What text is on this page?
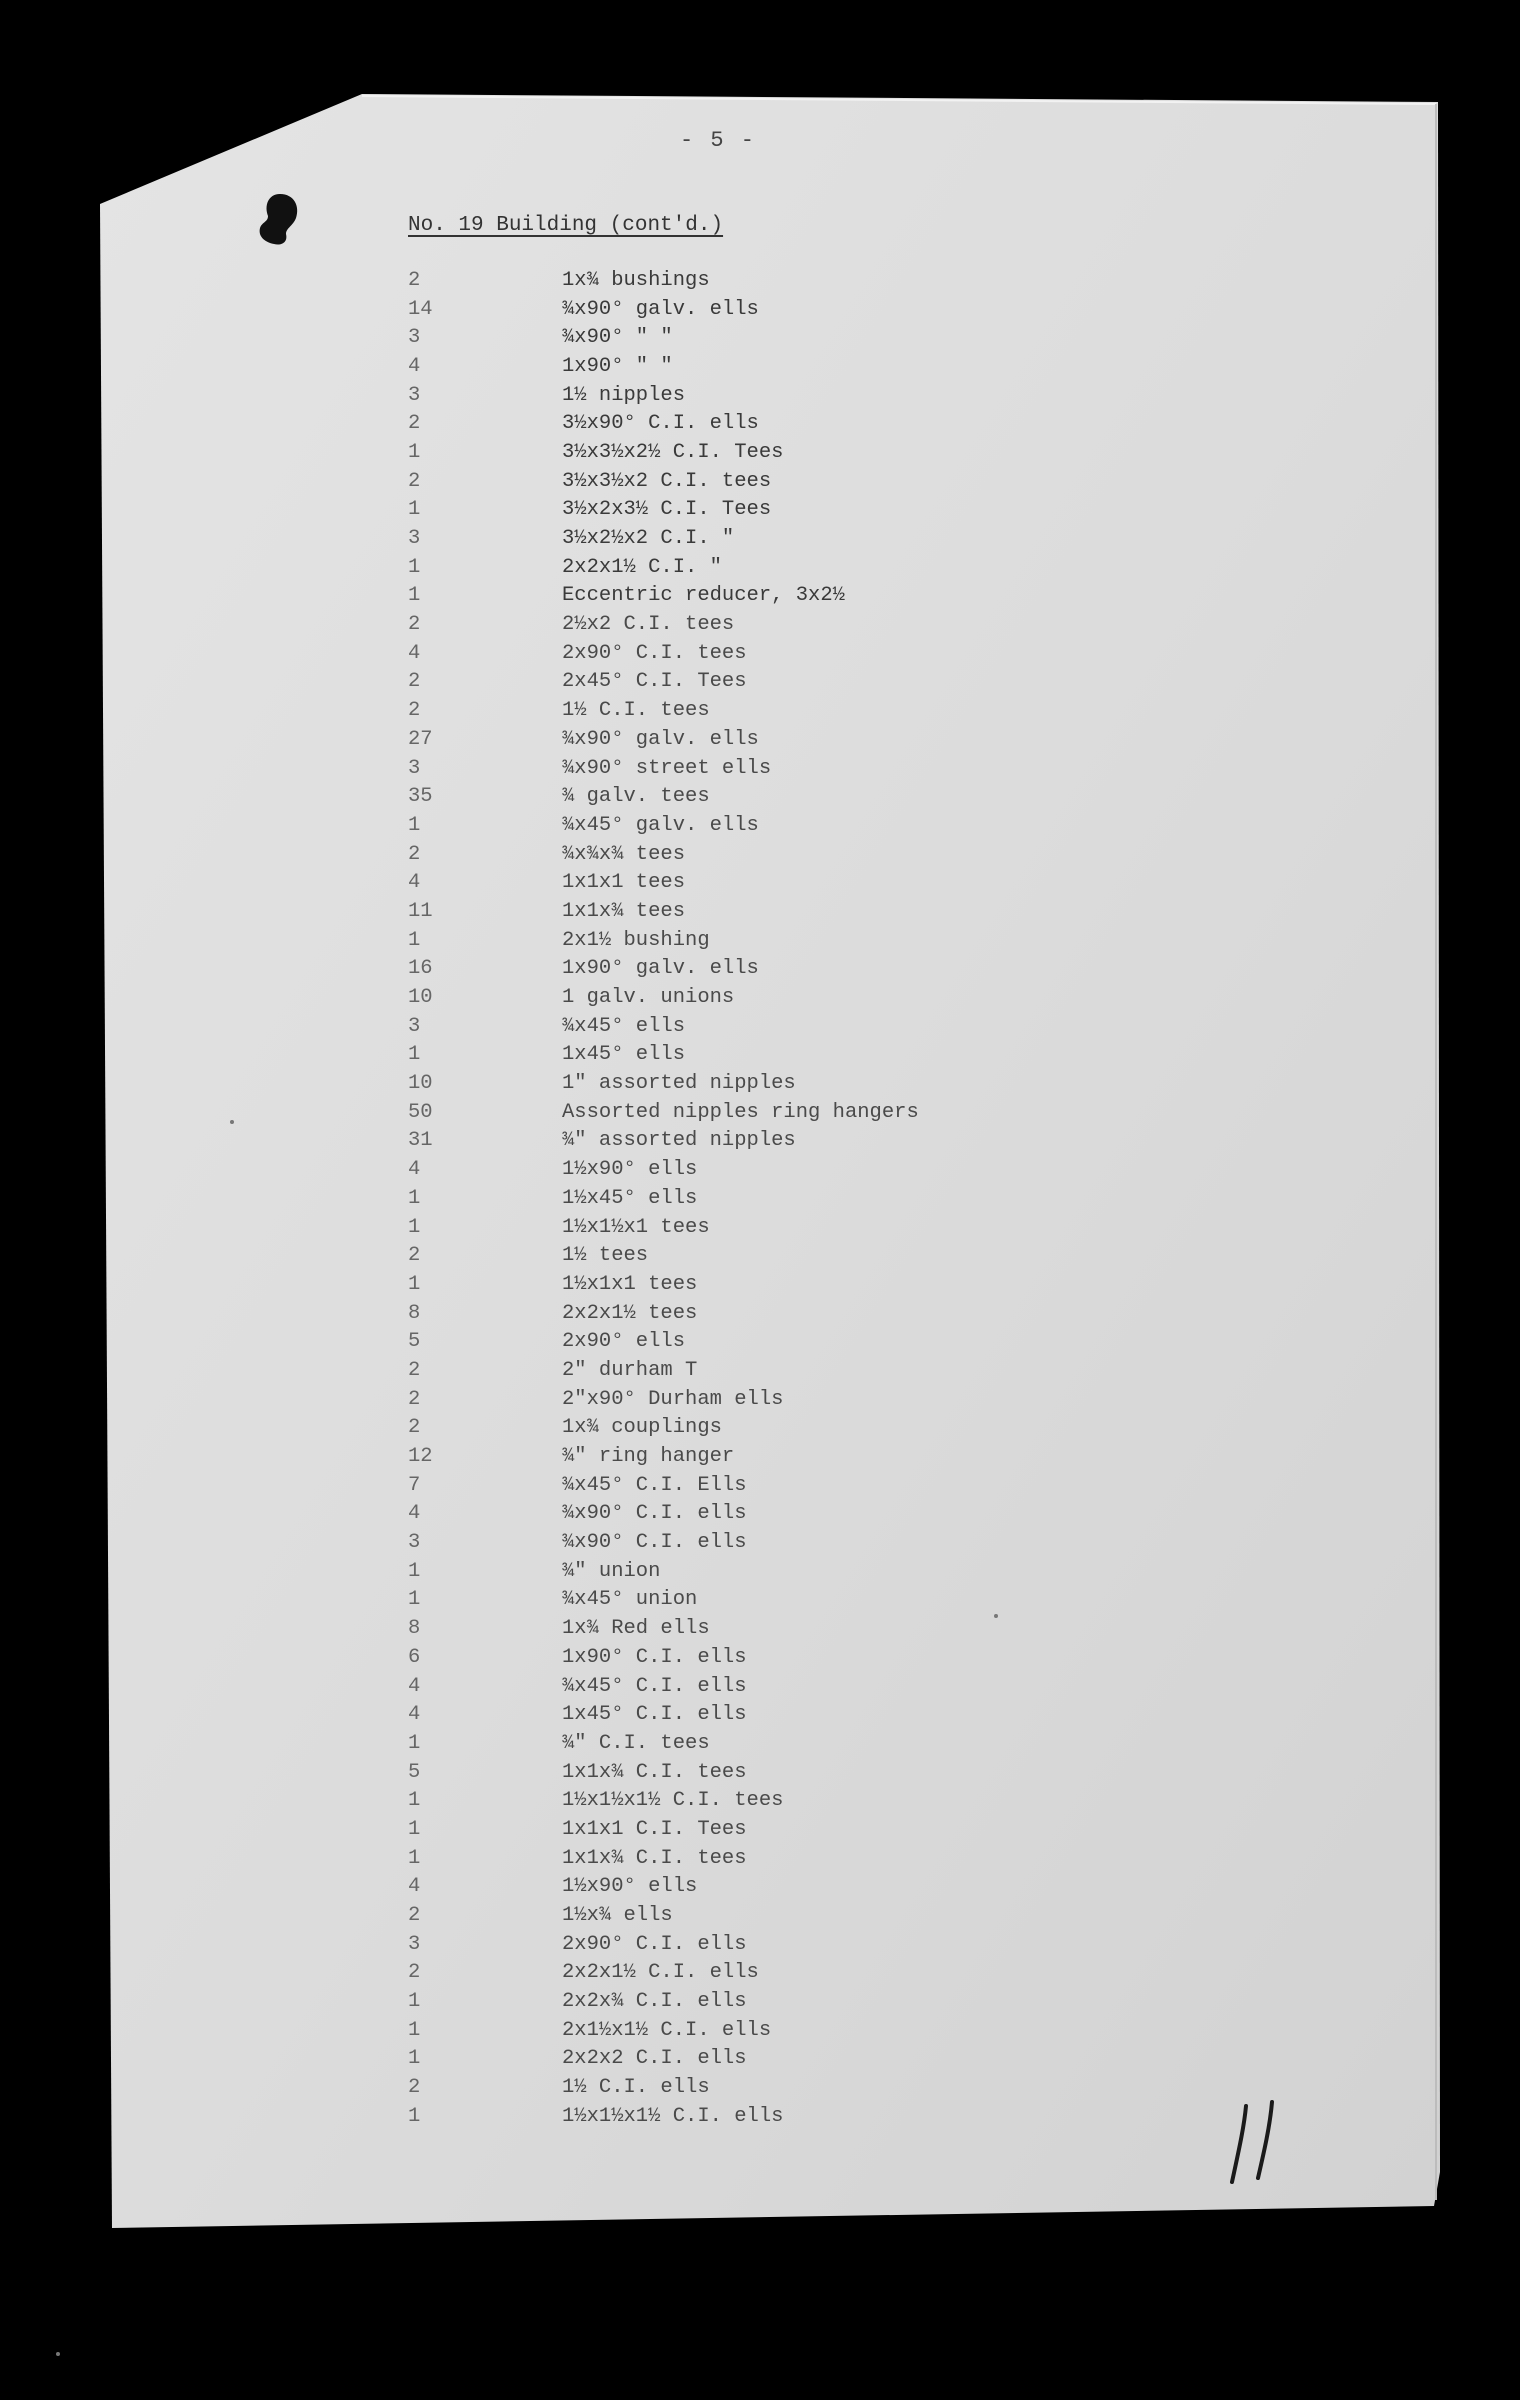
- 5 -
No. 19 Building (cont'd.)
2	1x¾ bushings
14	¾x90° galv. ells
3	¾x90° " "
4	1x90° " "
3	1½ nipples
2	3½x90° C.I. ells
1	3½x3½x2½ C.I. Tees
2	3½x3½x2 C.I. tees
1	3½x2x3½ C.I. Tees
3	3½x2½x2 C.I. "
1	2x2x1½ C.I. "
1	Eccentric reducer, 3x2½
2	2½x2 C.I. tees
4	2x90° C.I. tees
2	2x45° C.I. Tees
2	1½ C.I. tees
27	¾x90° galv. ells
3	¾x90° street ells
35	¾ galv. tees
1	¾x45° galv. ells
2	¾x¾x¾ tees
4	1x1x1 tees
11	1x1x¾ tees
1	2x1½ bushing
16	1x90° galv. ells
10	1 galv. unions
3	¾x45° ells
1	1x45° ells
10	1" assorted nipples
50	Assorted nipples ring hangers
31	¾" assorted nipples
4	1½x90° ells
1	1½x45° ells
1	1½x1½x1 tees
2	1½ tees
1	1½x1x1 tees
8	2x2x1½ tees
5	2x90° ells
2	2" durham T
2	2"x90° Durham ells
2	1x¾ couplings
12	¾" ring hanger
7	¾x45° C.I. Ells
4	¾x90° C.I. ells
3	¾x90° C.I. ells
1	¾" union
1	¾x45° union
8	1x¾ Red ells
6	1x90° C.I. ells
4	¾x45° C.I. ells
4	1x45° C.I. ells
1	¾" C.I. tees
5	1x1x¾ C.I. tees
1	1½x1½x1½ C.I. tees
1	1x1x1 C.I. Tees
1	1x1x¾ C.I. tees
4	1½x90° ells
2	1½x¾ ells
3	2x90° C.I. ells
2	2x2x1½ C.I. ells
1	2x2x¾ C.I. ells
1	2x1½x1½ C.I. ells
1	2x2x2 C.I. ells
2	1½ C.I. ells
1	1½x1½x1½ C.I. ells
